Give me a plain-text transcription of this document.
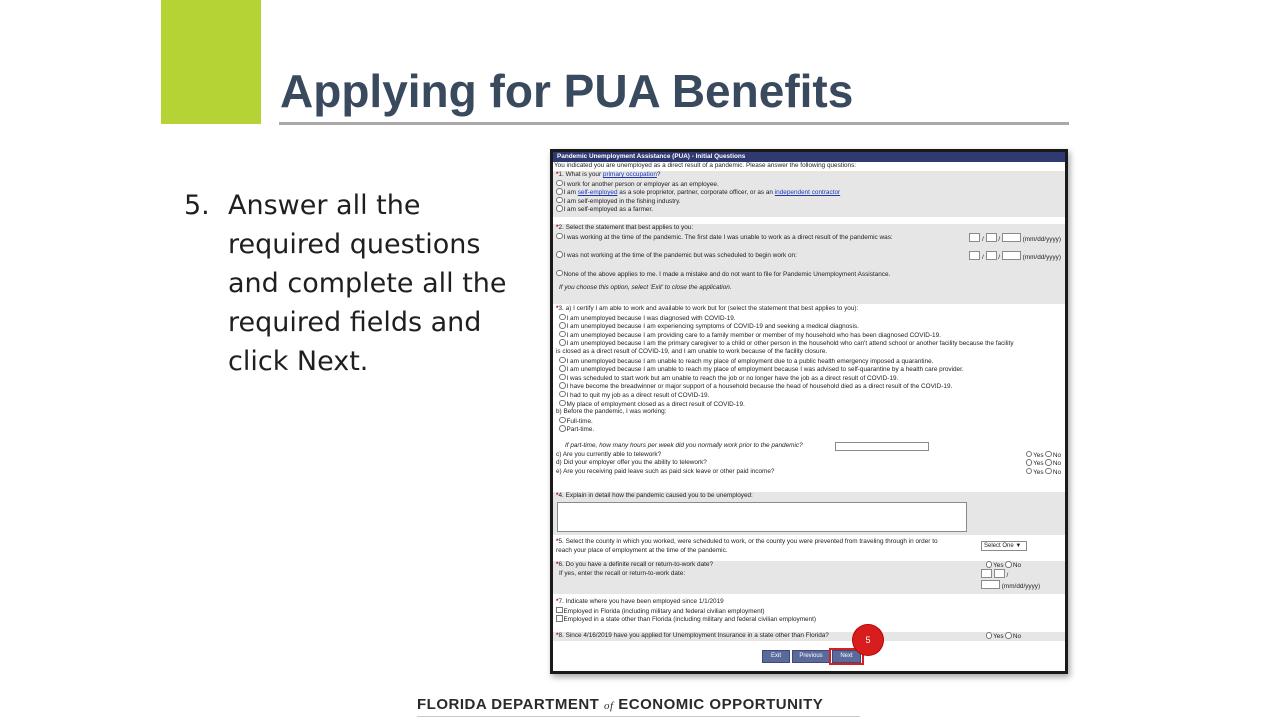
Applying for PUA Benefits
5. Answer all the required questions and complete all the required fields and click Next.
Pandemic Unemployment Assistance (PUA) - Initial Questions
You indicated you are unemployed as a direct result of a pandemic. Please answer the following questions:
*1. What is your primary occupation?
I work for another person or employer as an employee.
I am self-employed as a sole proprietor, partner, corporate officer, or as an independent contractor
I am self-employed in the fishing industry.
I am self-employed as a farmer.
*2. Select the statement that best applies to you:
I was working at the time of the pandemic. The first date I was unable to work as a direct result of the pandemic was:	/  /	(mm/dd/yyyy)
I was not working at the time of the pandemic but was scheduled to begin work on:	/  /	(mm/dd/yyyy)
None of the above applies to me. I made a mistake and do not want to file for Pandemic Unemployment Assistance.
If you choose this option, select 'Exit' to close the application.
*3. a) I certify I am able to work and available to work but for (select the statement that best applies to you):
I am unemployed because I was diagnosed with COVID-19.
I am unemployed because I am experiencing symptoms of COVID-19 and seeking a medical diagnosis.
I am unemployed because I am providing care to a family member or member of my household who has been diagnosed COVID-19.
I am unemployed because I am the primary caregiver to a child or other person in the household who can't attend school or another facility because the facility
is closed as a direct result of COVID-19, and I am unable to work because of the facility closure.
I am unemployed because I am unable to reach my place of employment due to a public health emergency imposed a quarantine.
I am unemployed because I am unable to reach my place of employment because I was advised to self-quarantine by a health care provider.
I was scheduled to start work but am unable to reach the job or no longer have the job as a direct result of COVID-19.
I have become the breadwinner or major support of a household because the head of household died as a direct result of the COVID-19.
I had to quit my job as a direct result of COVID-19.
My place of employment closed as a direct result of COVID-19.
b) Before the pandemic, I was working:
Full-time.
Part-time.
If part-time, how many hours per week did you normally work prior to the pandemic?
c) Are you currently able to telework?	Yes No
d) Did your employer offer you the ability to telework?	Yes No
e) Are you receiving paid leave such as paid sick leave or other paid income?	Yes No
*4. Explain in detail how the pandemic caused you to be unemployed:
*5. Select the county in which you worked, were scheduled to work, or the county you were prevented from traveling through in order to
reach your place of employment at the time of the pandemic.
Select One ▼
*6. Do you have a definite recall or return-to-work date?	Yes No
If yes, enter the recall or return-to-work date:	/
(mm/dd/yyyy)
*7. Indicate where you have been employed since 1/1/2019
Employed in Florida (including military and federal civilian employment)
Employed in a state other than Florida (including military and federal civilian employment)
*8. Since 4/16/2019 have you applied for Unemployment Insurance in a state other than Florida?	Yes No
Exit	Previous	Next
5
FLORIDA DEPARTMENT of ECONOMIC OPPORTUNITY
